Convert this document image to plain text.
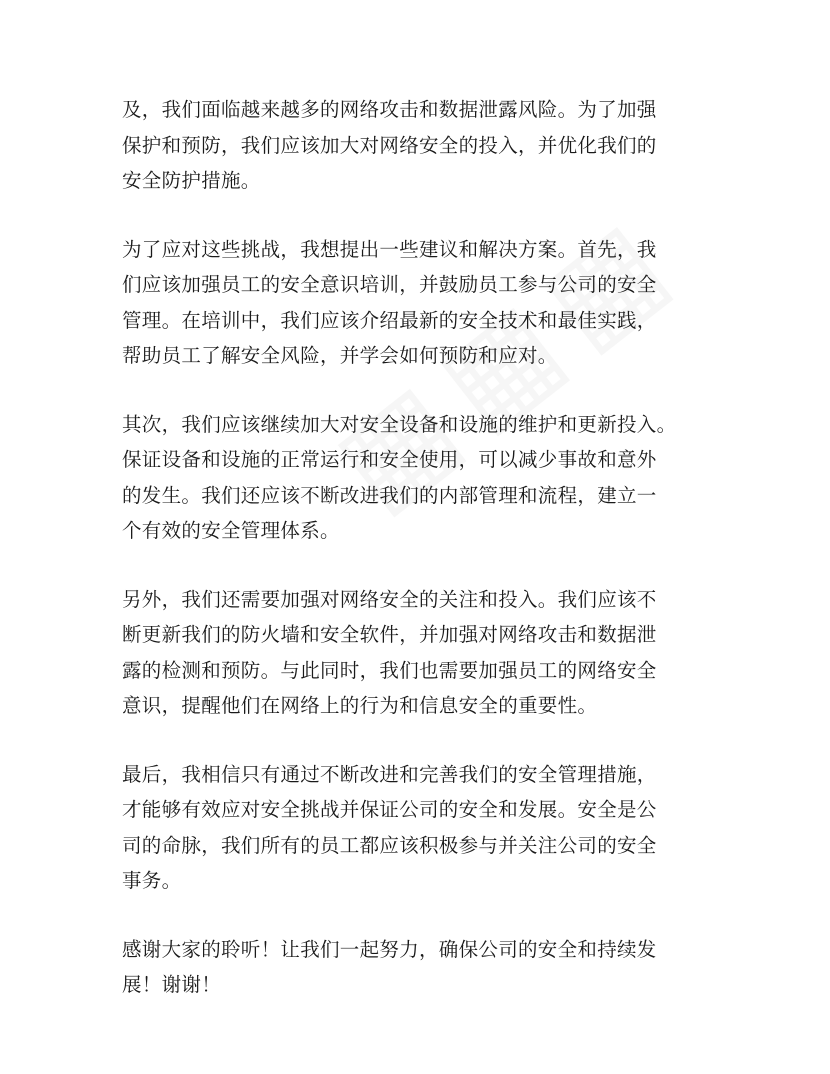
及，我们面临越来越多的网络攻击和数据泄露风险。为了加强
保护和预防，我们应该加大对网络安全的投入，并优化我们的
安全防护措施。

为了应对这些挑战，我想提出一些建议和解决方案。首先，我
们应该加强员工的安全意识培训，并鼓励员工参与公司的安全
管理。在培训中，我们应该介绍最新的安全技术和最佳实践，
帮助员工了解安全风险，并学会如何预防和应对。

其次，我们应该继续加大对安全设备和设施的维护和更新投入。
保证设备和设施的正常运行和安全使用，可以减少事故和意外
的发生。我们还应该不断改进我们的内部管理和流程，建立一
个有效的安全管理体系。

另外，我们还需要加强对网络安全的关注和投入。我们应该不
断更新我们的防火墙和安全软件，并加强对网络攻击和数据泄
露的检测和预防。与此同时，我们也需要加强员工的网络安全
意识，提醒他们在网络上的行为和信息安全的重要性。

最后，我相信只有通过不断改进和完善我们的安全管理措施，
才能够有效应对安全挑战并保证公司的安全和发展。安全是公
司的命脉，我们所有的员工都应该积极参与并关注公司的安全
事务。

感谢大家的聆听！让我们一起努力，确保公司的安全和持续发
展！谢谢！
